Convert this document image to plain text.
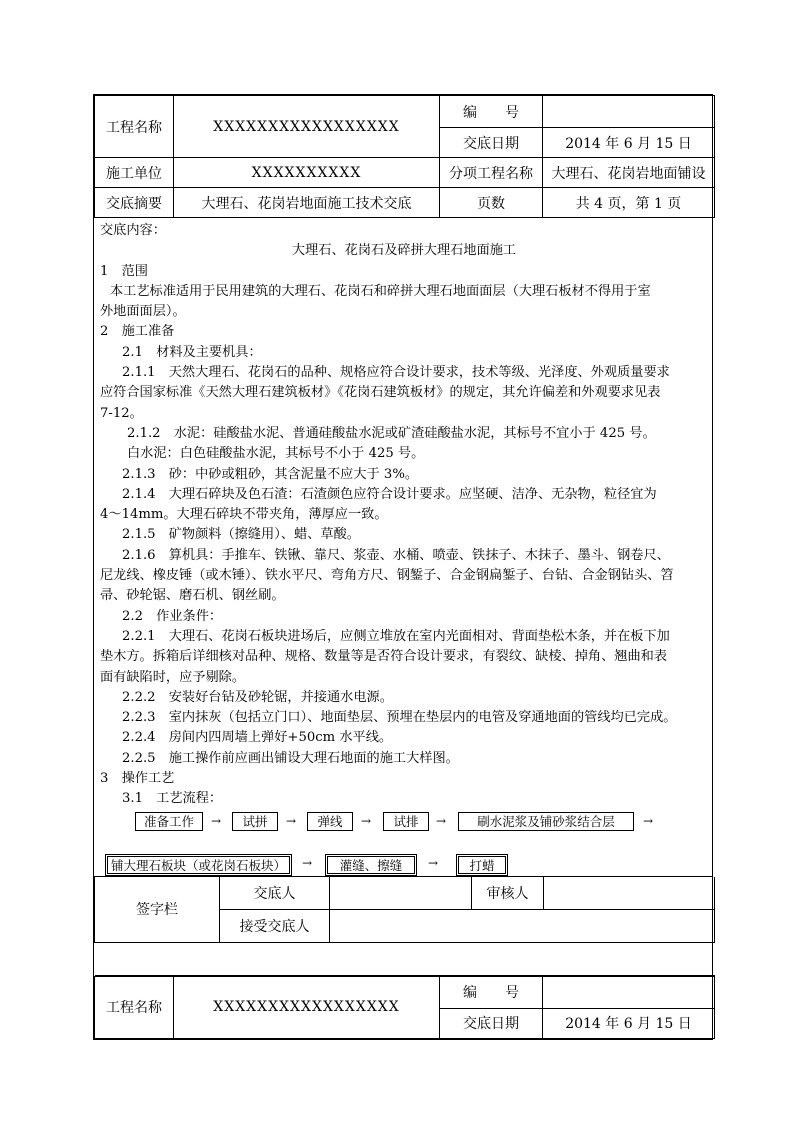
工程名称	XXXXXXXXXXXXXXXXX	编　　号	
		交底日期	2014 年 6 月 15 日
施工单位	XXXXXXXXXX	分项工程名称	大理石、花岗岩地面铺设
交底摘要	大理石、花岗岩地面施工技术交底	页数	共 4 页，第 1 页

交底内容：

大理石、花岗石及碎拼大理石地面施工

1　范围

本工艺标准适用于民用建筑的大理石、花岗石和碎拼大理石地面面层（大理石板材不得用于室

外地面面层）。

2　施工准备

2.1　材料及主要机具：

2.1.1　天然大理石、花岗石的品种、规格应符合设计要求，技术等级、光泽度、外观质量要求

应符合国家标准《天然大理石建筑板材》《花岗石建筑板材》的规定，其允许偏差和外观要求见表

7-12。

2.1.2　水泥：硅酸盐水泥、普通硅酸盐水泥或矿渣硅酸盐水泥，其标号不宜小于 425 号。

白水泥：白色硅酸盐水泥，其标号不小于 425 号。

2.1.3　砂：中砂或粗砂，其含泥量不应大于 3%。

2.1.4　大理石碎块及色石渣：石渣颜色应符合设计要求。应坚硬、洁净、无杂物，粒径宜为

4～14mm。大理石碎块不带夹角，薄厚应一致。

2.1.5　矿物颜料（擦缝用）、蜡、草酸。

2.1.6　算机具：手推车、铁锹、靠尺、浆壶、水桶、喷壶、铁抹子、木抹子、墨斗、钢卷尺、

尼龙线、橡皮锤（或木锤）、铁水平尺、弯角方尺、钢錾子、合金钢扁錾子、台钻、合金钢钻头、笤

帚、砂轮锯、磨石机、钢丝刷。

2.2　作业条件：

2.2.1　大理石、花岗石板块进场后，应侧立堆放在室内光面相对、背面垫松木条，并在板下加

垫木方。拆箱后详细核对品种、规格、数量等是否符合设计要求，有裂纹、缺棱、掉角、翘曲和表

面有缺陷时，应予剔除。

2.2.2　安装好台钻及砂轮锯，并接通水电源。

2.2.3　室内抹灰（包括立门口）、地面垫层、预埋在垫层内的电管及穿通地面的管线均已完成。

2.2.4　房间内四周墙上弹好+50cm 水平线。

2.2.5　施工操作前应画出铺设大理石地面的施工大样图。

3　操作工艺

3.1　工艺流程：

准备工作	→	试拼	→	弹线	→	试排	→	刷水泥浆及铺砂浆结合层	→
铺大理石板块（或花岗石板块）	→	灌缝、擦缝	→	打蜡
签字栏	交底人		审核人	
	接受交底人			

工程名称	XXXXXXXXXXXXXXXXX	编　　号	
		交底日期	2014 年 6 月 15 日
